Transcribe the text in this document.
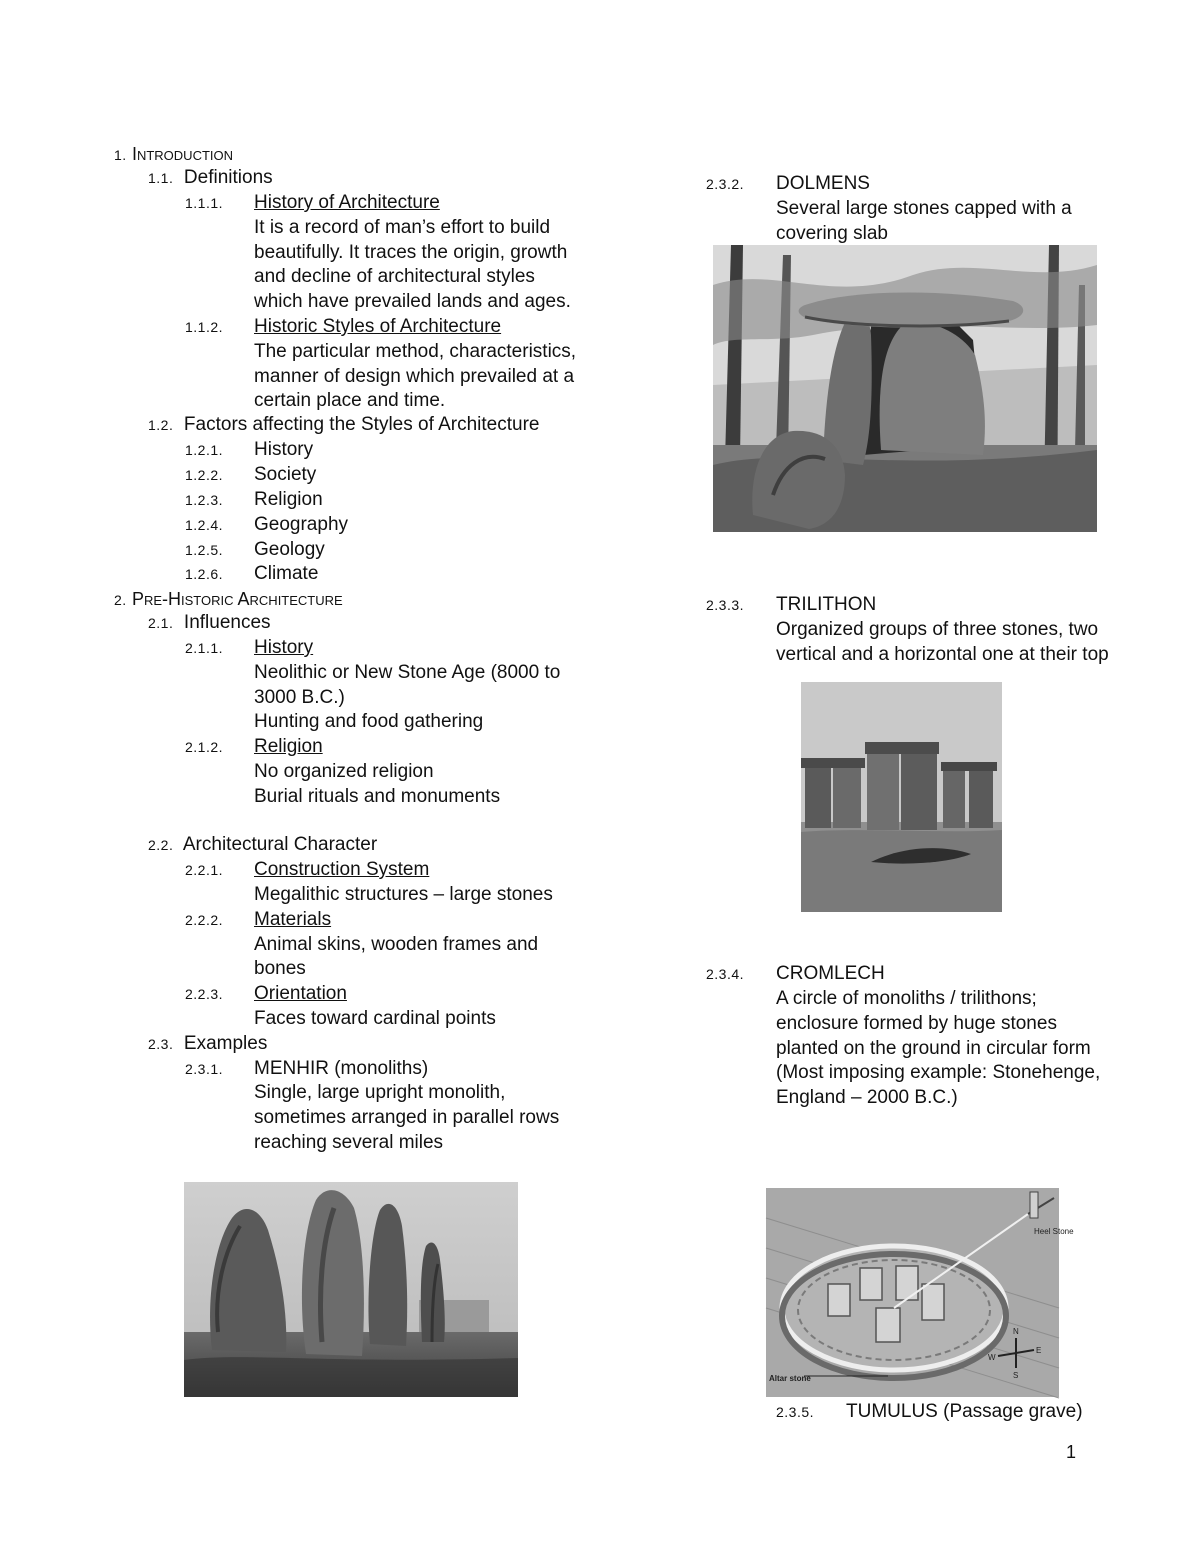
1. Introduction
1.1. Definitions
1.1.1. History of Architecture
It is a record of man’s effort to build
beautifully. It traces the origin, growth
and decline of architectural styles
which have prevailed lands and ages.
1.1.2. Historic Styles of Architecture
The particular method, characteristics,
manner of design which prevailed at a
certain place and time.
1.2. Factors affecting the Styles of Architecture
1.2.1. History
1.2.2. Society
1.2.3. Religion
1.2.4. Geography
1.2.5. Geology
1.2.6. Climate
2. Pre-Historic Architecture
2.1. Influences
2.1.1. History
Neolithic or New Stone Age (8000 to
3000 B.C.)
Hunting and food gathering
2.1.2. Religion
No organized religion
Burial rituals and monuments
2.2. Architectural Character
2.2.1. Construction System
Megalithic structures – large stones
2.2.2. Materials
Animal skins, wooden frames and
bones
2.2.3. Orientation
Faces toward cardinal points
2.3. Examples
2.3.1. MENHIR (monoliths)
Single, large upright monolith,
sometimes arranged in parallel rows
reaching several miles
2.3.2. DOLMENS
Several large stones capped with a
covering slab
2.3.3. TRILITHON
Organized groups of three stones, two
vertical and a horizontal one at their top
2.3.4. CROMLECH
A circle of monoliths / trilithons;
enclosure formed by huge stones
planted on the ground in circular form
(Most imposing example: Stonehenge,
England – 2000 B.C.)
Heel Stone
N
E
S
W
Altar stone
2.3.5. TUMULUS (Passage grave)
1
